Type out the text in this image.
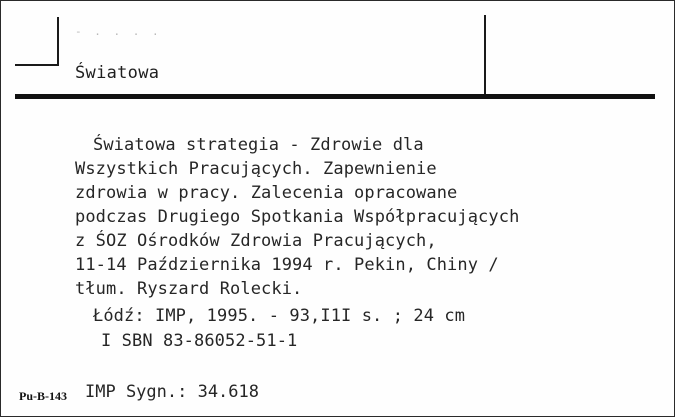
- . . . .
Światowa
Światowa strategia - Zdrowie dla
Wszystkich Pracujących. Zapewnienie
zdrowia w pracy. Zalecenia opracowane
podczas Drugiego Spotkania Współpracujących
z ŚOZ Ośrodków Zdrowia Pracujących,
11-14 Października 1994 r. Pekin, Chiny /
tłum. Ryszard Rolecki.
Łódź: IMP, 1995. - 93,I1I s. ; 24 cm
I SBN 83-86052-51-1
Pu-B-143 IMP Sygn.: 34.618
